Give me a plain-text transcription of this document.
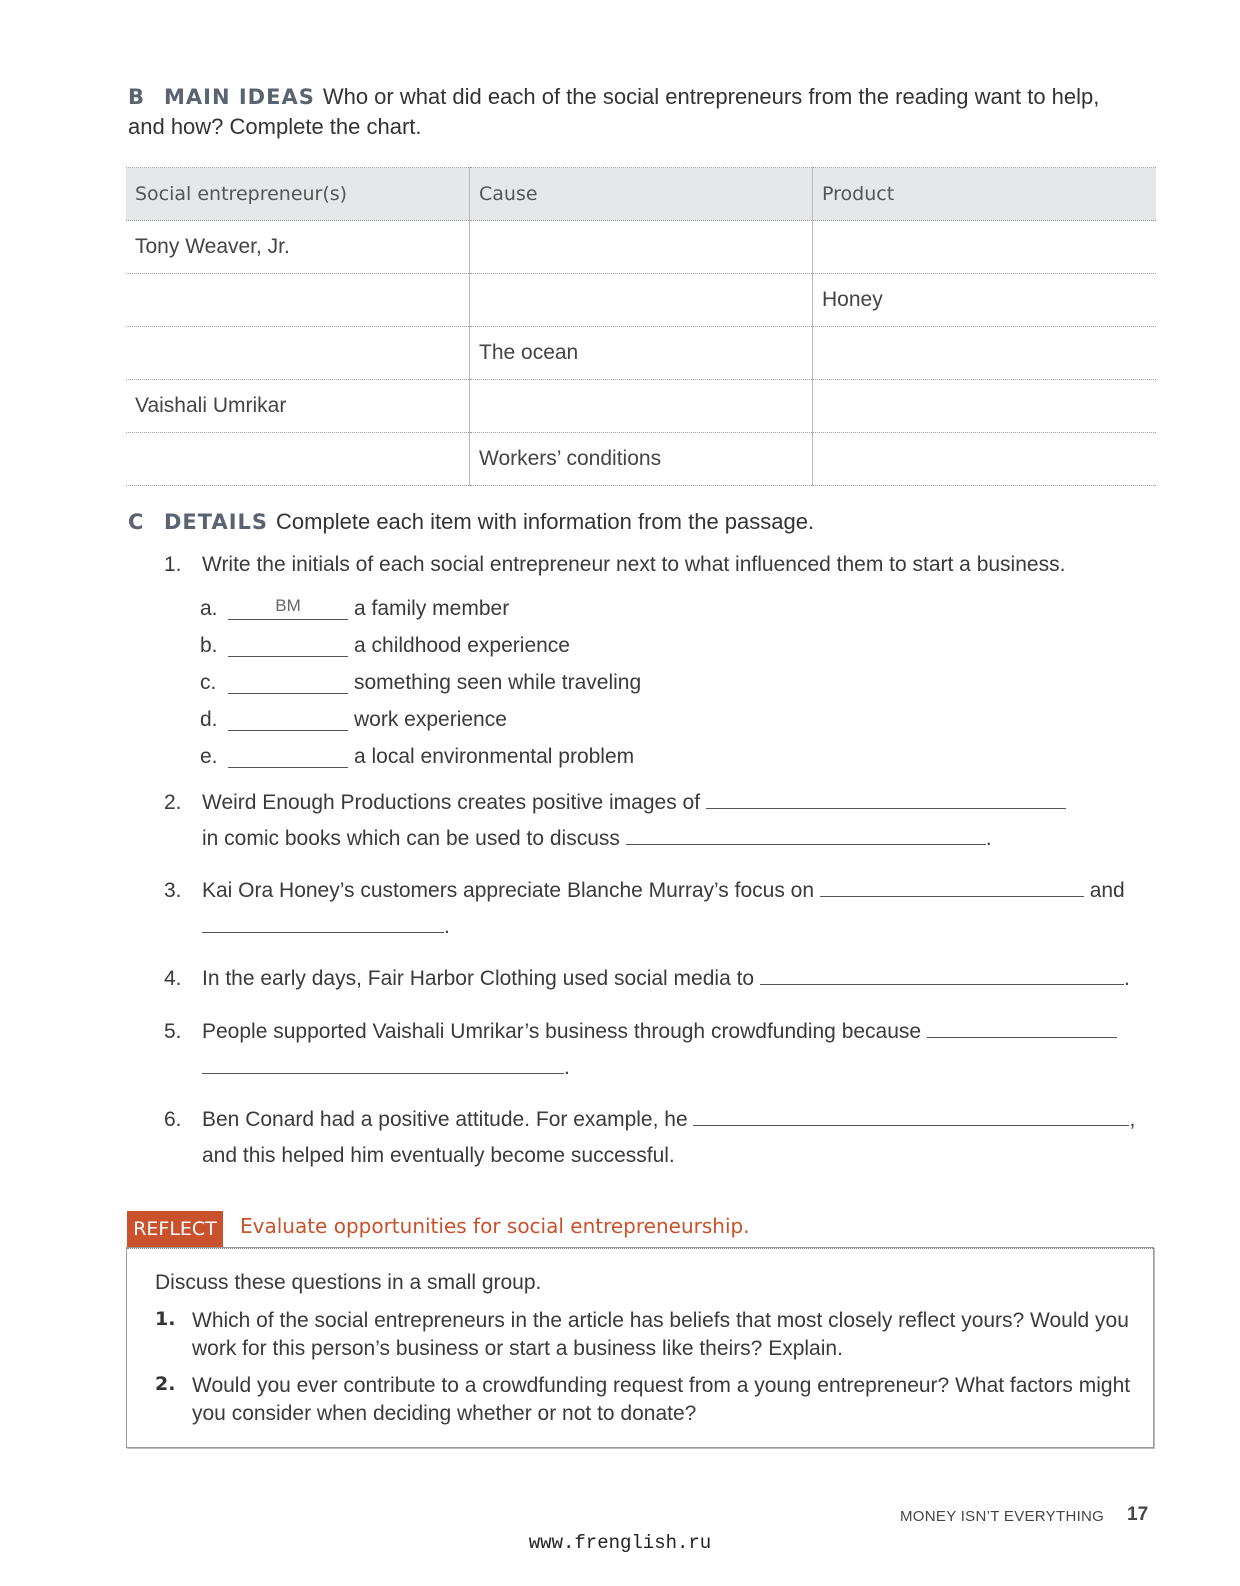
B MAIN IDEAS Who or what did each of the social entrepreneurs from the reading want to help, and how? Complete the chart.
Social entrepreneur(s)	Cause	Product
Tony Weaver, Jr.		
		Honey
	The ocean	
Vaishali Umrikar		
	Workers’ conditions	
C DETAILS Complete each item with information from the passage.
1. Write the initials of each social entrepreneur next to what influenced them to start a business.
a.	BM	a family member
b.	a childhood experience
c.	something seen while traveling
d.	work experience
e.	a local environmental problem
2. Weird Enough Productions creates positive images of
in comic books which can be used to discuss	.
3. Kai Ora Honey’s customers appreciate Blanche Murray’s focus on	and
.
4. In the early days, Fair Harbor Clothing used social media to	.
5. People supported Vaishali Umrikar’s business through crowdfunding because
.
6. Ben Conard had a positive attitude. For example, he	,
and this helped him eventually become successful.
REFLECT	Evaluate opportunities for social entrepreneurship.
Discuss these questions in a small group.
1. Which of the social entrepreneurs in the article has beliefs that most closely reflect yours? Would you work for this person’s business or start a business like theirs? Explain.
2. Would you ever contribute to a crowdfunding request from a young entrepreneur? What factors might you consider when deciding whether or not to donate?
MONEY ISN’T EVERYTHING 17
www.frenglish.ru
